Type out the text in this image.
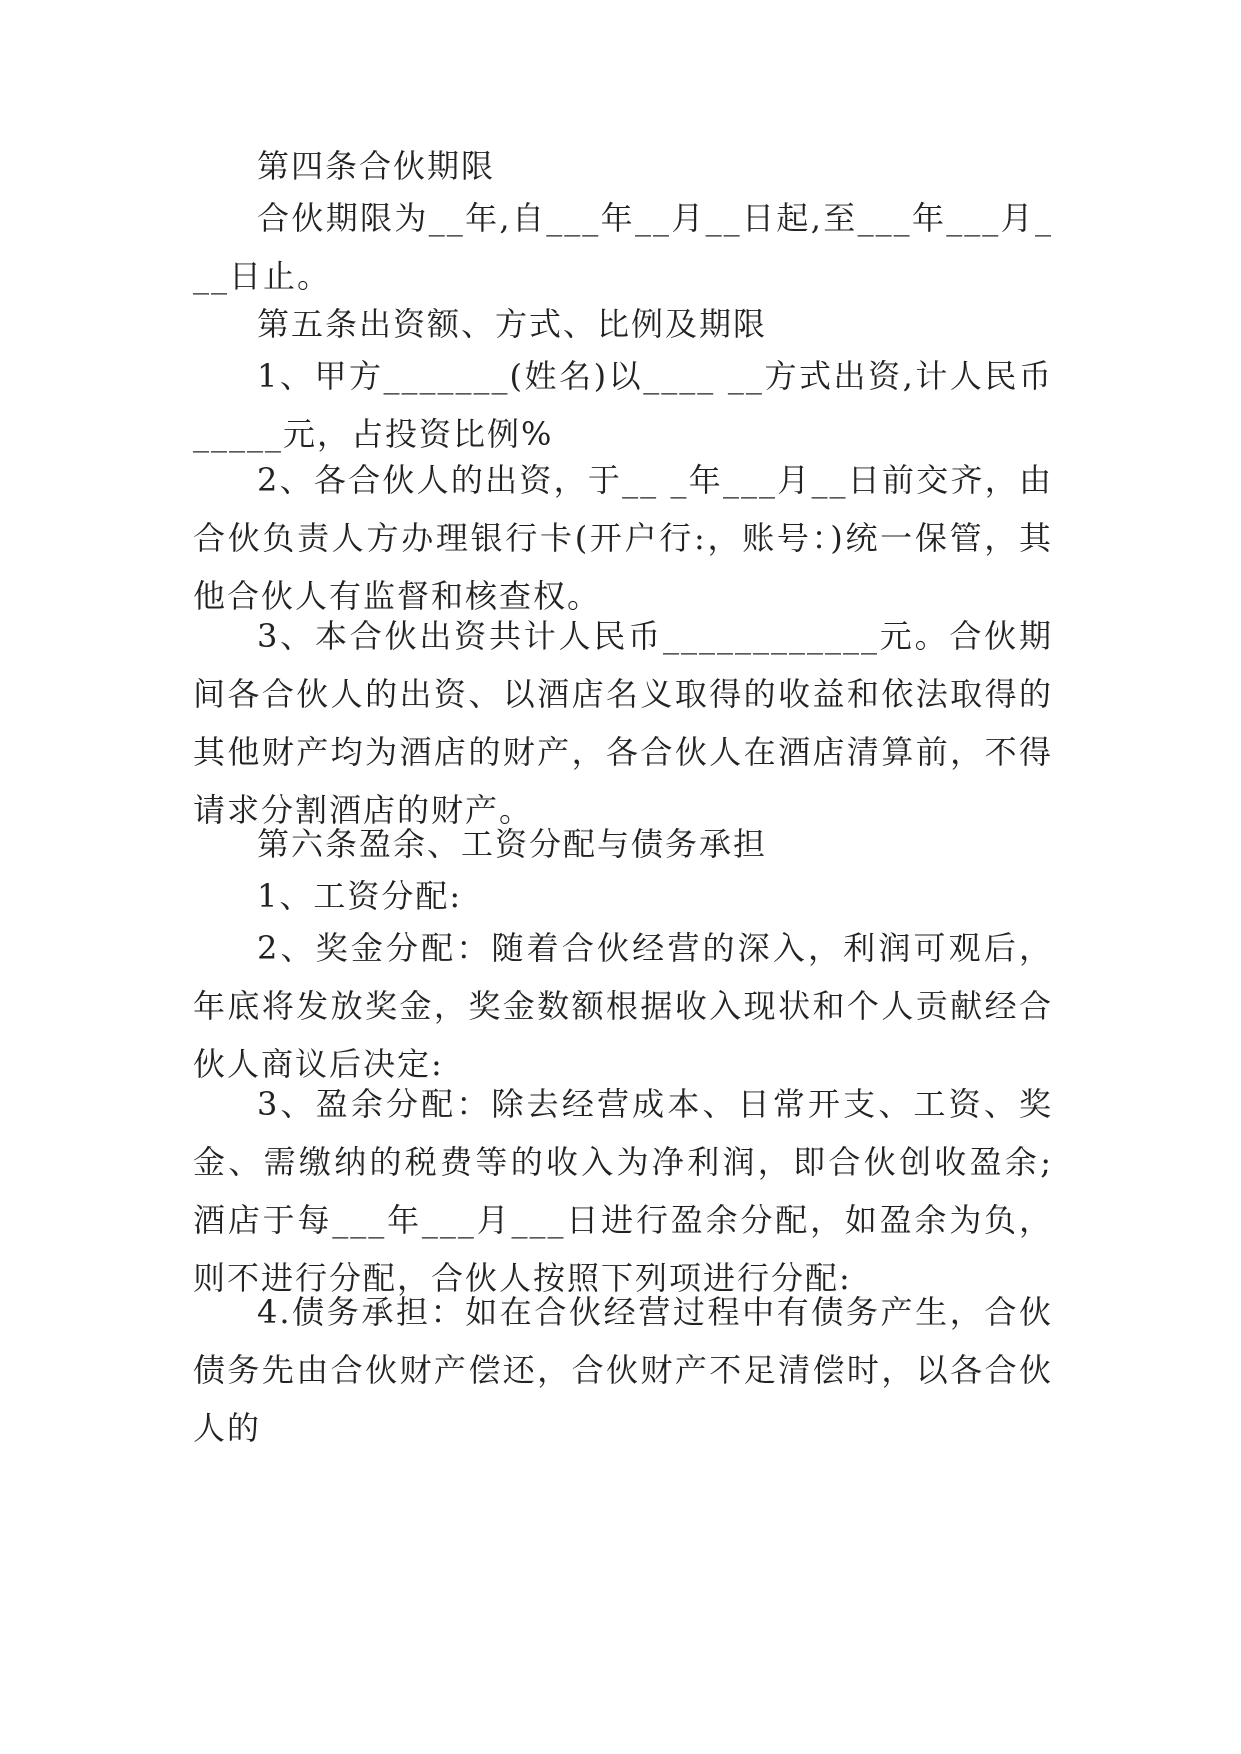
第四条合伙期限

合伙期限为__年,自___年__月__日起,至___年___月___日止。

第五条出资额、方式、比例及期限

1、甲方_______(姓名)以____ __方式出资,计人民币_____元，占投资比例%

2、各合伙人的出资，于__ _年___月__日前交齐，由合伙负责人方办理银行卡(开户行:，账号：)统一保管，其他合伙人有监督和核查权。

3、本合伙出资共计人民币____________元。合伙期间各合伙人的出资、以酒店名义取得的收益和依法取得的其他财产均为酒店的财产，各合伙人在酒店清算前，不得请求分割酒店的财产。

第六条盈余、工资分配与债务承担

1、工资分配:

2、奖金分配：随着合伙经营的深入，利润可观后，年底将发放奖金，奖金数额根据收入现状和个人贡献经合伙人商议后决定:

3、盈余分配：除去经营成本、日常开支、工资、奖金、需缴纳的税费等的收入为净利润，即合伙创收盈余;酒店于每___年___月___日进行盈余分配，如盈余为负，则不进行分配，合伙人按照下列项进行分配:

4.债务承担：如在合伙经营过程中有债务产生，合伙债务先由合伙财产偿还，合伙财产不足清偿时，以各合伙人的
